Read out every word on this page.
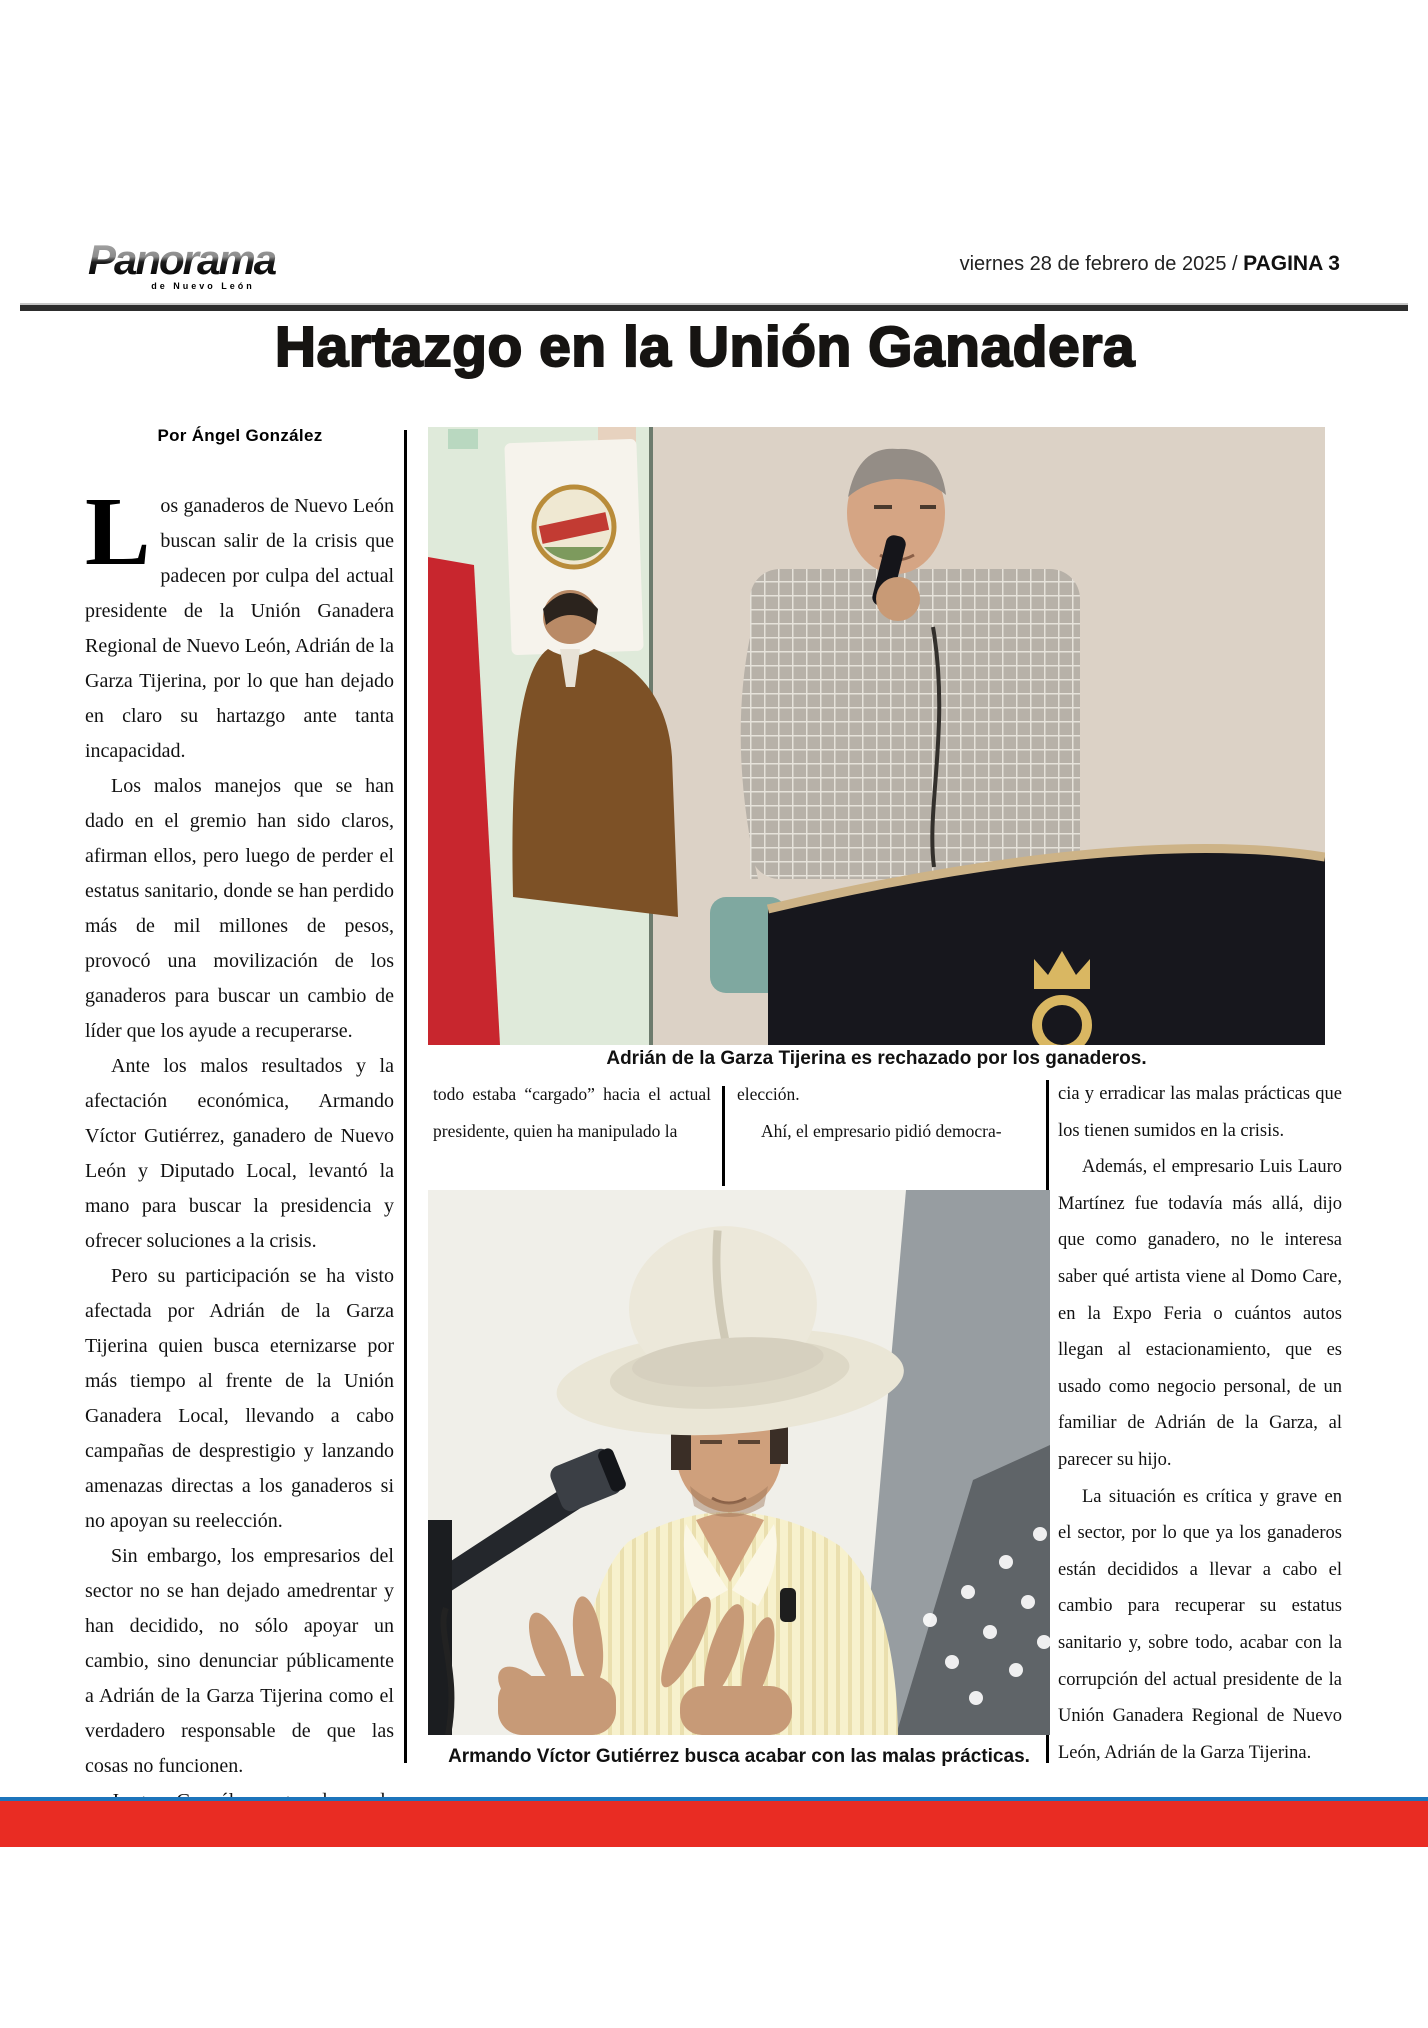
Panorama
de Nuevo León
viernes 28 de febrero de 2025 / PAGINA 3
Hartazgo en la Unión Ganadera
Por Ángel González

Los ganaderos de Nuevo León buscan salir de la crisis que padecen por culpa del actual presidente de la Unión Ganadera Regional de Nuevo León, Adrián de la Garza Tijerina, por lo que han dejado en claro su hartazgo ante tanta incapacidad.

Los malos manejos que se han dado en el gremio han sido claros, afirman ellos, pero luego de perder el estatus sanitario, donde se han perdido más de mil millones de pesos, provocó una movilización de los ganaderos para buscar un cambio de líder que los ayude a recuperarse.

Ante los malos resultados y la afectación económica, Armando Víctor Gutiérrez, ganadero de Nuevo León y Diputado Local, levantó la mano para buscar la presidencia y ofrecer soluciones a la crisis.

Pero su participación se ha visto afectada por Adrián de la Garza Tijerina quien busca eternizarse por más tiempo al frente de la Unión Ganadera Local, llevando a cabo campañas de desprestigio y lanzando amenazas directas a los ganaderos si no apoyan su reelección.

Sin embargo, los empresarios del sector no se han dejado amedrentar y han decidido, no sólo apoyar un cambio, sino denunciar públicamente a Adrián de la Garza Tijerina como el verdadero responsable de que las cosas no funcionen.

Adrián de la Garza Tijerina es rechazado por los ganaderos.

todo estaba “cargado” hacia el actual presidente, quien ha manipulado la

elección.

Ahí, el empresario pidió democra-

cia y erradicar las malas prácticas que los tienen sumidos en la crisis.

Además, el empresario Luis Lauro Martínez fue todavía más allá, dijo que como ganadero, no le interesa saber qué artista viene al Domo Care, en la Expo Feria o cuántos autos llegan al estacionamiento, que es usado como negocio personal, de un familiar de Adrián de la Garza, al parecer su hijo.

La situación es crítica y grave en el sector, por lo que ya los ganaderos están decididos a llevar a cabo el cambio para recuperar su estatus sanitario y, sobre todo, acabar con la corrupción del actual presidente de la Unión Ganadera Regional de Nuevo León, Adrián de la Garza Tijerina.

Armando Víctor Gutiérrez busca acabar con las malas prácticas.
